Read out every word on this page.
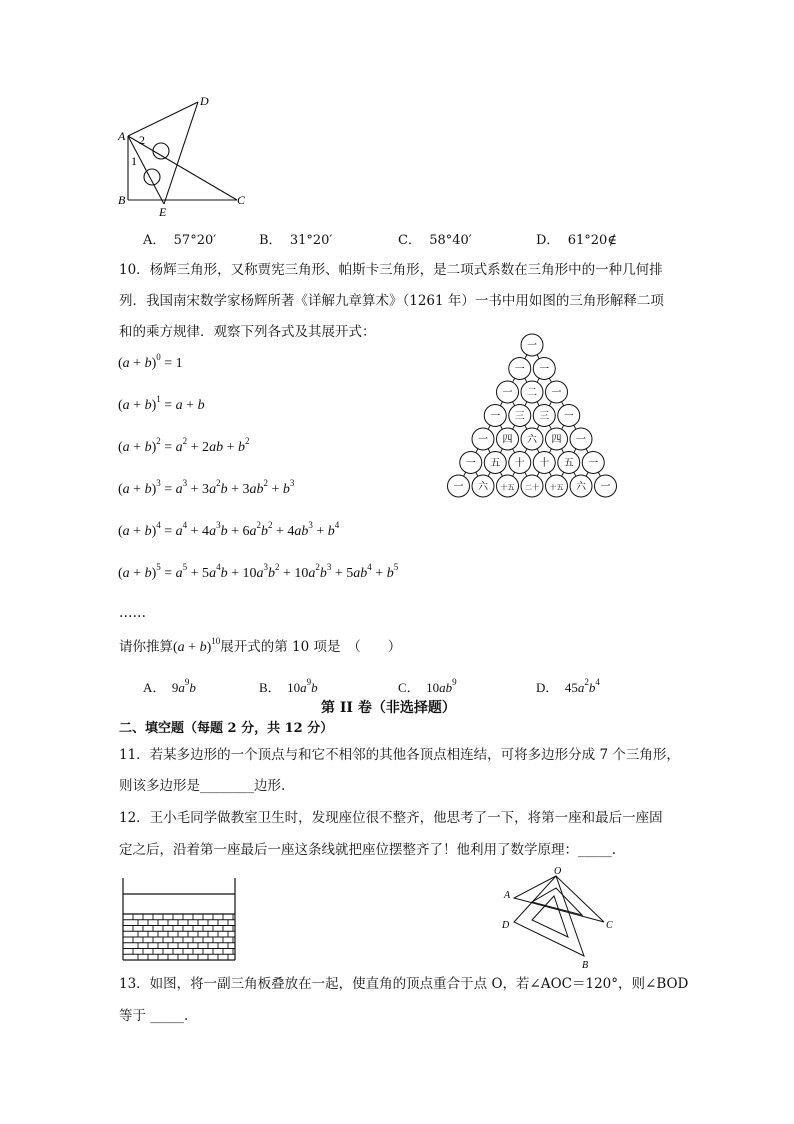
D
A 2
1
B
E
C
A． 57°20′	B． 31°20′	C． 58°40′	D． 61°20∉
10．杨辉三角形，又称贾宪三角形、帕斯卡三角形，是二项式系数在三角形中的一种几何排
列．我国南宋数学家杨辉所著《详解九章算术》（1261 年）一书中用如图的三角形解释二项
和的乘方规律．观察下列各式及其展开式：
$(a + b)^0 = 1$
$(a + b)^1 = a + b$
$(a + b)^2 = a^2 + 2ab + b^2$
$(a + b)^3 = a^3 + 3a^2b + 3ab^2 + b^3$
$(a + b)^4 = a^4 + 4a^3b + 6a^2b^2 + 4ab^3 + b^4$
$(a + b)^5 = a^5 + 5a^4b + 10a^3b^2 + 10a^2b^3 + 5ab^4 + b^5$
……
请你推算$(a + b)^{10}$展开式的第 10 项是　（　　）
一
一 一
一 二 一
一 三 三 一
一 四 六 四 一
一 五 十 十 五 一
一 六 十五 二十 十五 六 一
A．  $9a^9b$	B．  $10a^9b$	C．  $10ab^9$	D．  $45a^2b^4$
第 II 卷（非选择题）
二、填空题（每题 2 分，共 12 分）
11．若某多边形的一个顶点与和它不相邻的其他各顶点相连结，可将多边形分成 7 个三角形，
则该多边形是________边形.
12．王小毛同学做教室卫生时，发现座位很不整齐，他思考了一下，将第一座和最后一座固
定之后，沿着第一座最后一座这条线就把座位摆整齐了！他利用了数学原理：_____.
O
A
D	C
B
13．如图，将一副三角板叠放在一起，使直角的顶点重合于点 O，若∠AOC＝120°，则∠BOD
等于 _____.
